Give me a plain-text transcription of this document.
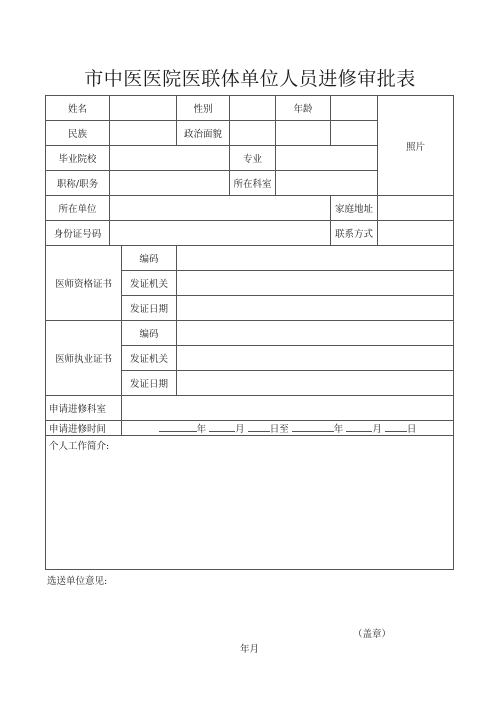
市中医医院医联体单位人员进修审批表
姓名			性别		年龄		照片
民族			政治面貌				
毕业院校				专业			
职称/职务				所在科室			
所在单位						家庭地址	
身份证号码						联系方式	
医师资格证书		编码					
		发证机关					
		发证日期					
医师执业证书		编码					
		发证机关					
		发证日期					
申请进修科室							
申请进修时间		年 月 日至 年 月 日					
个人工作简介:							
选送单位意见:
（盖章）
年月
